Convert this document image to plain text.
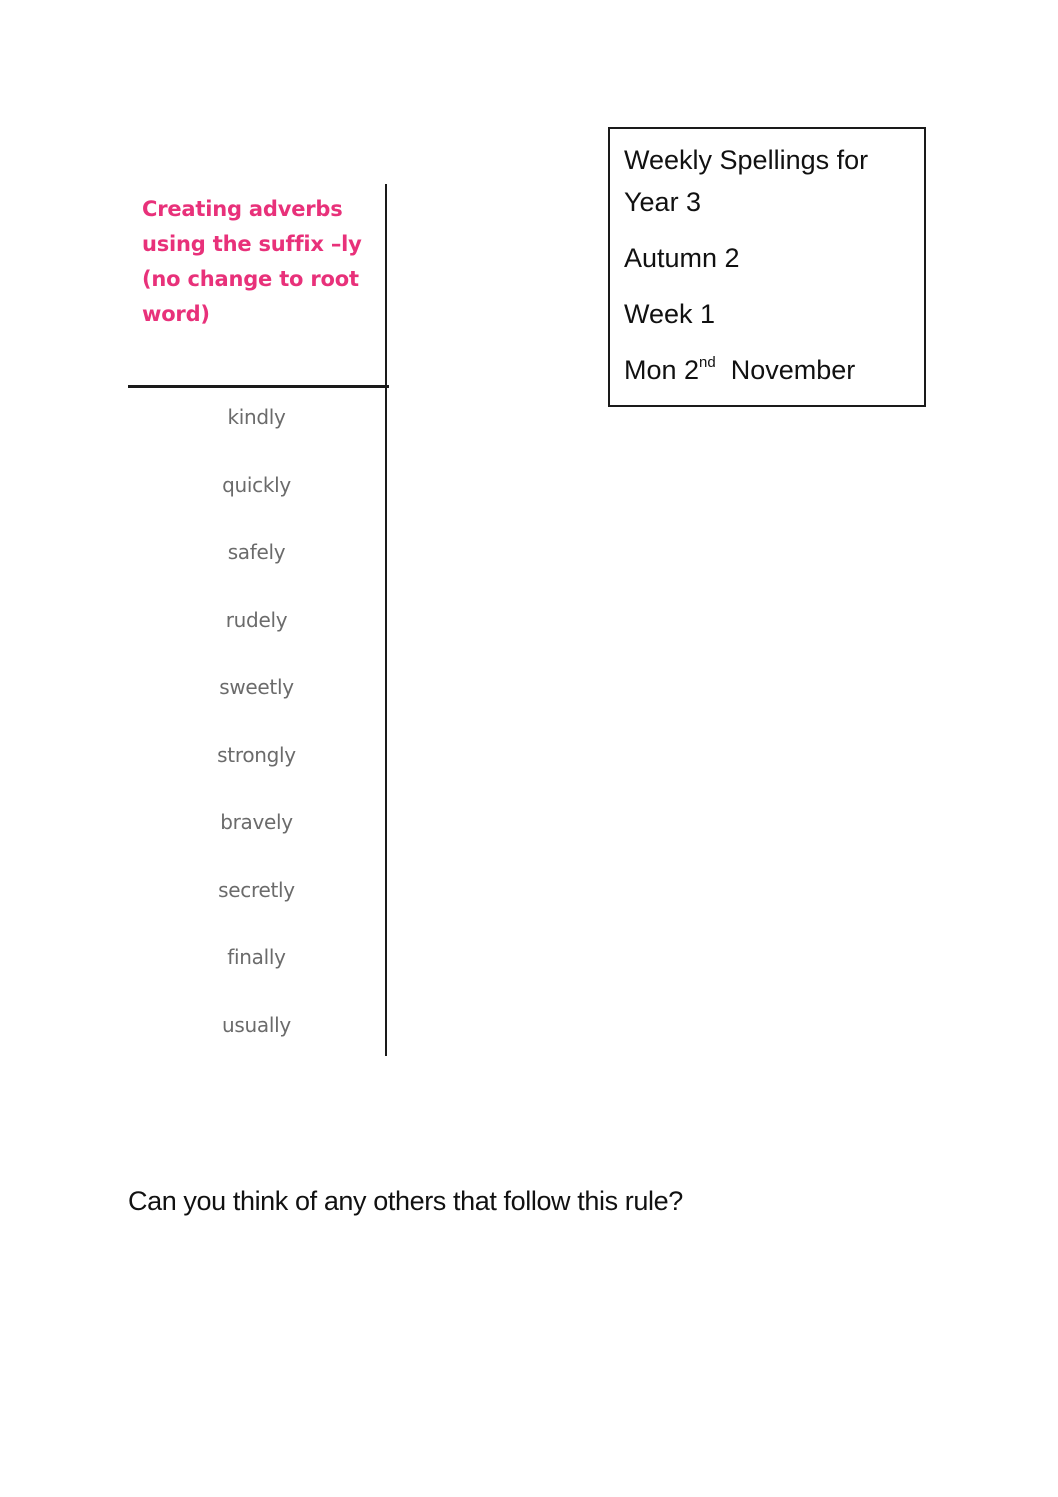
Creating adverbs using the suffix –ly (no change to root word)
kindly
quickly
safely
rudely
sweetly
strongly
bravely
secretly
finally
usually
Weekly Spellings for Year 3
Autumn 2
Week 1
Mon 2nd November
Can you think of any others that follow this rule?
